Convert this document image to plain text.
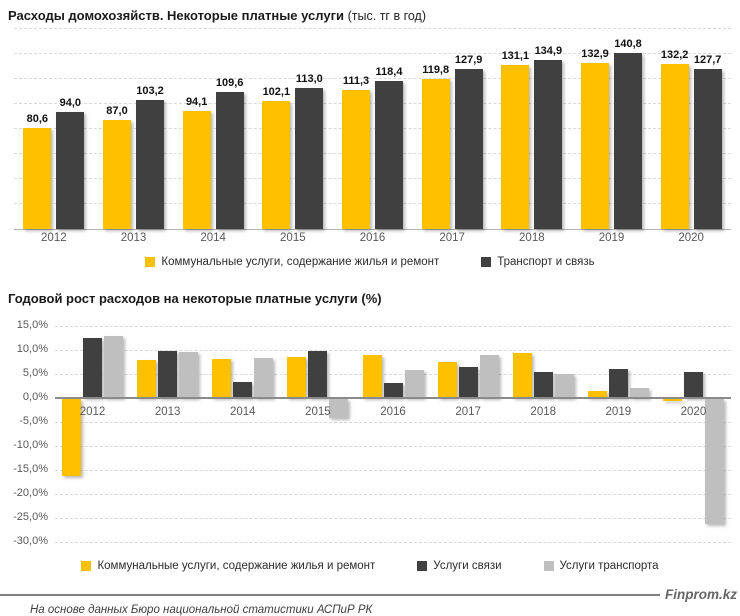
Расходы домохозяйств. Некоторые платные услуги (тыс. тг в год)
80,6
94,0
87,0
103,2
94,1
109,6
102,1
113,0	111,3
118,4	119,8
127,9	131,1 134,9	132,9
140,8
132,2 127,7
2012	2013	2014	2015	2016	2017	2018	2019	2020
Коммунальные услуги, содержание жилья и ремонт	Транспорт и связь
Годовой рост расходов на некоторые платные услуги (%)
15,0%
10,0%
5,0%
0,0%
-5,0%
-10,0%
-15,0%
-20,0%
-25,0%
-30,0%
2012	2013	2014	2015	2016	2017	2018	2019	2020
Коммунальные услуги, содержание жилья и ремонт	Услуги связи	Услуги транспорта
Finprom.kz
На основе данных Бюро национальной статистики АСПиР РК
